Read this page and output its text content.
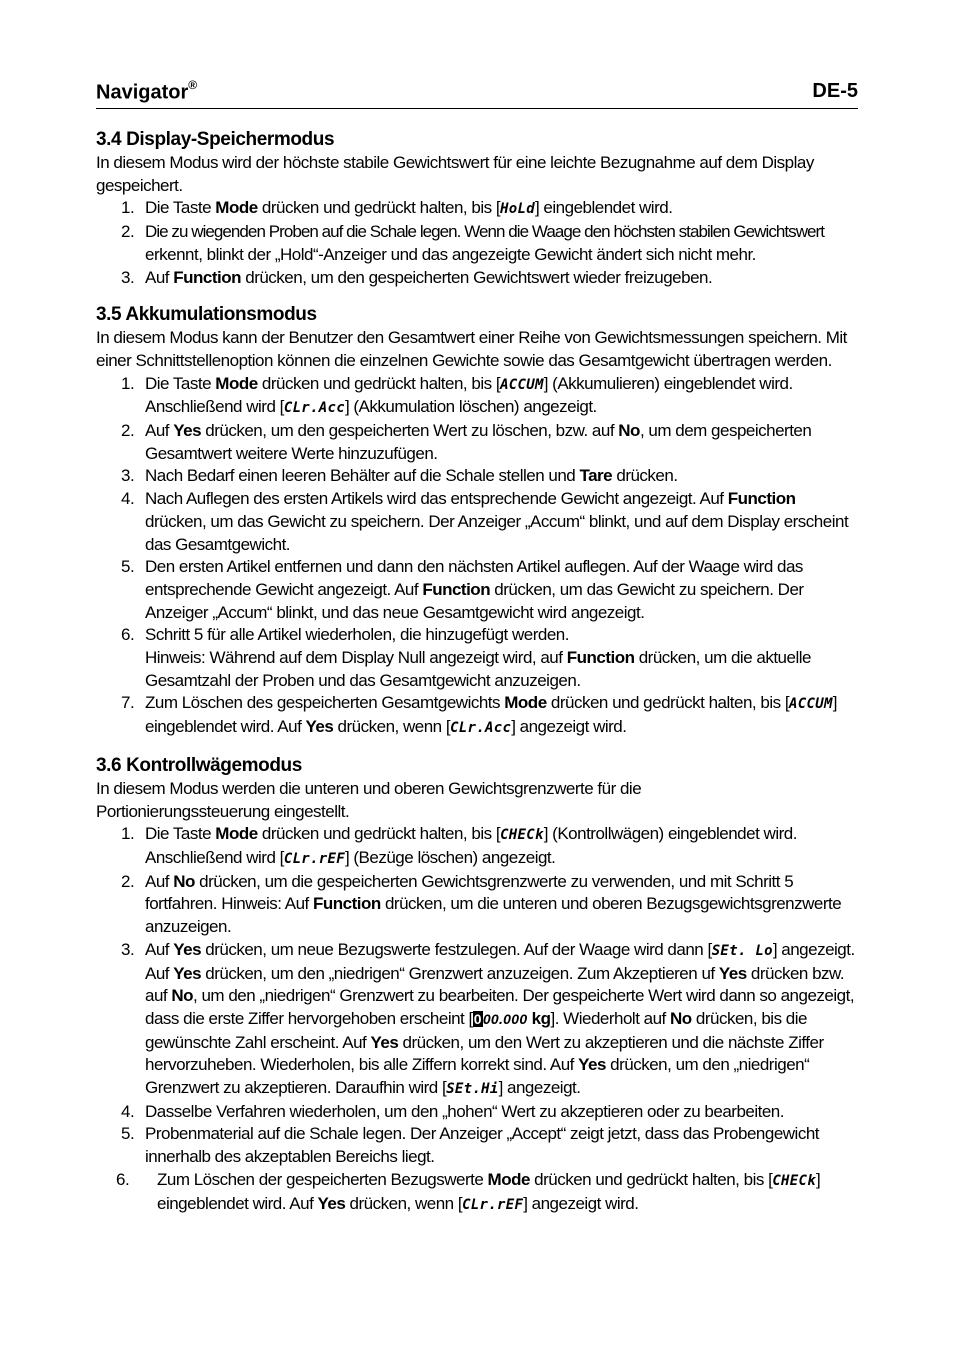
Navigator®	DE-5
3.4 Display-Speichermodus

In diesem Modus wird der höchste stabile Gewichtswert für eine leichte Bezugnahme auf dem Display gespeichert.

1. Die Taste Mode drücken und gedrückt halten, bis [HoLd] eingeblendet wird.
2. Die zu wiegenden Proben auf die Schale legen. Wenn die Waage den höchsten stabilen Gewichtswert
erkennt, blinkt der „Hold“-Anzeiger und das angezeigte Gewicht ändert sich nicht mehr.
3. Auf Function drücken, um den gespeicherten Gewichtswert wieder freizugeben.
3.5 Akkumulationsmodus

In diesem Modus kann der Benutzer den Gesamtwert einer Reihe von Gewichtsmessungen speichern. Mit einer Schnittstellenoption können die einzelnen Gewichte sowie das Gesamtgewicht übertragen werden.

1. Die Taste Mode drücken und gedrückt halten, bis [ACCUM] (Akkumulieren) eingeblendet wird. Anschließend wird [CLr.Acc] (Akkumulation löschen) angezeigt.
2. Auf Yes drücken, um den gespeicherten Wert zu löschen, bzw. auf No, um dem gespeicherten Gesamtwert weitere Werte hinzuzufügen.
3. Nach Bedarf einen leeren Behälter auf die Schale stellen und Tare drücken.
4. Nach Auflegen des ersten Artikels wird das entsprechende Gewicht angezeigt. Auf Function drücken, um das Gewicht zu speichern. Der Anzeiger „Accum“ blinkt, und auf dem Display erscheint das Gesamtgewicht.
5. Den ersten Artikel entfernen und dann den nächsten Artikel auflegen. Auf der Waage wird das entsprechende Gewicht angezeigt. Auf Function drücken, um das Gewicht zu speichern. Der Anzeiger „Accum“ blinkt, und das neue Gesamtgewicht wird angezeigt.
6. Schritt 5 für alle Artikel wiederholen, die hinzugefügt werden.
Hinweis: Während auf dem Display Null angezeigt wird, auf Function drücken, um die aktuelle Gesamtzahl der Proben und das Gesamtgewicht anzuzeigen.
7. Zum Löschen des gespeicherten Gesamtgewichts Mode drücken und gedrückt halten, bis [ACCUM] eingeblendet wird. Auf Yes drücken, wenn [CLr.Acc] angezeigt wird.
3.6 Kontrollwägemodus

In diesem Modus werden die unteren und oberen Gewichtsgrenzwerte für die
Portionierungssteuerung eingestellt.

1. Die Taste Mode drücken und gedrückt halten, bis [CHECk] (Kontrollwägen) eingeblendet wird. Anschließend wird [CLr.rEF] (Bezüge löschen) angezeigt.
2. Auf No drücken, um die gespeicherten Gewichtsgrenzwerte zu verwenden, und mit Schritt 5 fortfahren. Hinweis: Auf Function drücken, um die unteren und oberen Bezugsgewichtsgrenzwerte anzuzeigen.
3. Auf Yes drücken, um neue Bezugswerte festzulegen. Auf der Waage wird dann [SEt. Lo] angezeigt. Auf Yes drücken, um den „niedrigen“ Grenzwert anzuzeigen. Zum Akzeptieren uf Yes drücken bzw. auf No, um den „niedrigen“ Grenzwert zu bearbeiten. Der gespeicherte Wert wird dann so angezeigt, dass die erste Ziffer hervorgehoben erscheint [000.000 kg]. Wiederholt auf No drücken, bis die gewünschte Zahl erscheint. Auf Yes drücken, um den Wert zu akzeptieren und die nächste Ziffer hervorzuheben. Wiederholen, bis alle Ziffern korrekt sind. Auf Yes drücken, um den „niedrigen“ Grenzwert zu akzeptieren. Daraufhin wird [SEt.Hi] angezeigt.
4. Dasselbe Verfahren wiederholen, um den „hohen“ Wert zu akzeptieren oder zu bearbeiten.
5. Probenmaterial auf die Schale legen. Der Anzeiger „Accept“ zeigt jetzt, dass das Probengewicht innerhalb des akzeptablen Bereichs liegt.
6. Zum Löschen der gespeicherten Bezugswerte Mode drücken und gedrückt halten, bis [CHECk] eingeblendet wird. Auf Yes drücken, wenn [CLr.rEF] angezeigt wird.
